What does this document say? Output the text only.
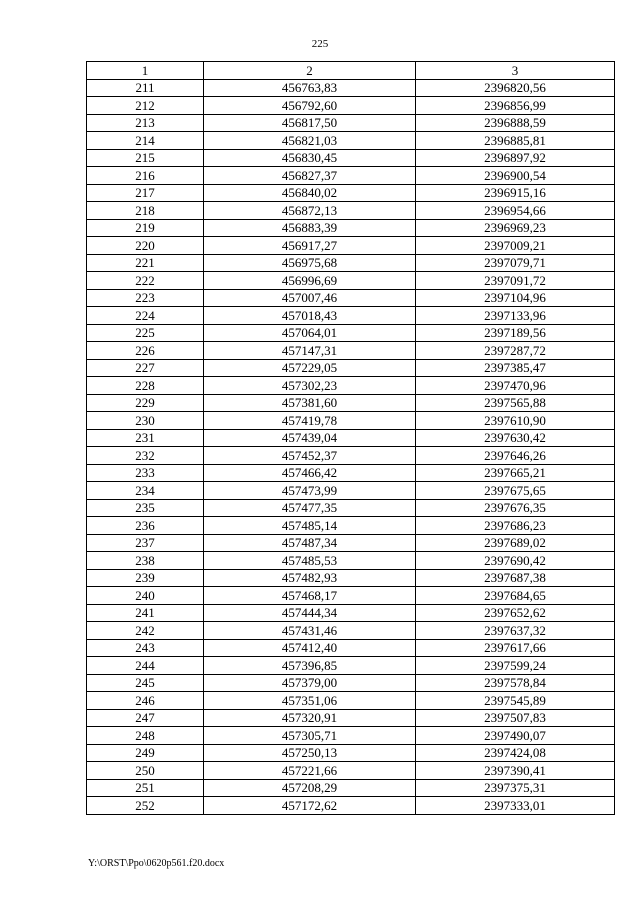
225
1	2	3
211	456763,83	2396820,56
212	456792,60	2396856,99
213	456817,50	2396888,59
214	456821,03	2396885,81
215	456830,45	2396897,92
216	456827,37	2396900,54
217	456840,02	2396915,16
218	456872,13	2396954,66
219	456883,39	2396969,23
220	456917,27	2397009,21
221	456975,68	2397079,71
222	456996,69	2397091,72
223	457007,46	2397104,96
224	457018,43	2397133,96
225	457064,01	2397189,56
226	457147,31	2397287,72
227	457229,05	2397385,47
228	457302,23	2397470,96
229	457381,60	2397565,88
230	457419,78	2397610,90
231	457439,04	2397630,42
232	457452,37	2397646,26
233	457466,42	2397665,21
234	457473,99	2397675,65
235	457477,35	2397676,35
236	457485,14	2397686,23
237	457487,34	2397689,02
238	457485,53	2397690,42
239	457482,93	2397687,38
240	457468,17	2397684,65
241	457444,34	2397652,62
242	457431,46	2397637,32
243	457412,40	2397617,66
244	457396,85	2397599,24
245	457379,00	2397578,84
246	457351,06	2397545,89
247	457320,91	2397507,83
248	457305,71	2397490,07
249	457250,13	2397424,08
250	457221,66	2397390,41
251	457208,29	2397375,31
252	457172,62	2397333,01
Y:\ORST\Ppo\0620p561.f20.docx
